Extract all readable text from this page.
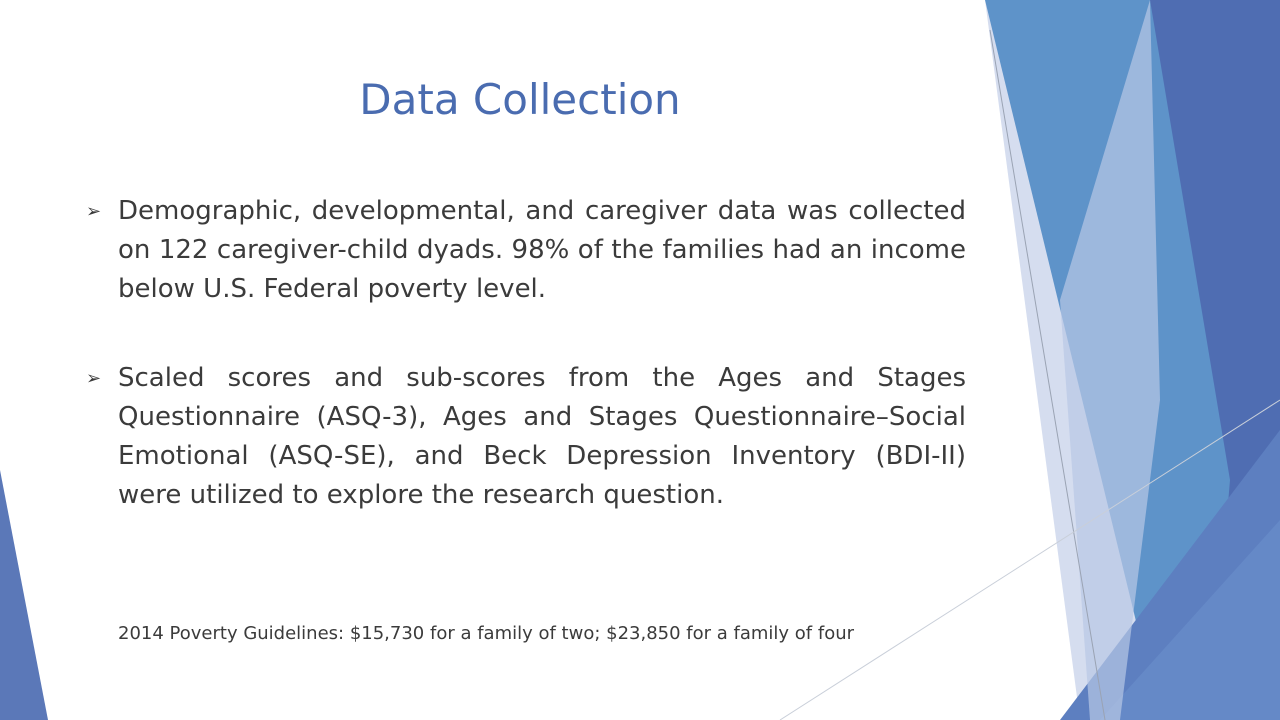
Data Collection
➢ Demographic, developmental, and caregiver data was collected on 122 caregiver-child dyads. 98% of the families had an income below U.S. Federal poverty level.
➢ Scaled scores and sub-scores from the Ages and Stages Questionnaire (ASQ-3), Ages and Stages Questionnaire–Social Emotional (ASQ-SE), and Beck Depression Inventory (BDI-II) were utilized to explore the research question.
2014 Poverty Guidelines: $15,730 for a family of two; $23,850 for a family of four
